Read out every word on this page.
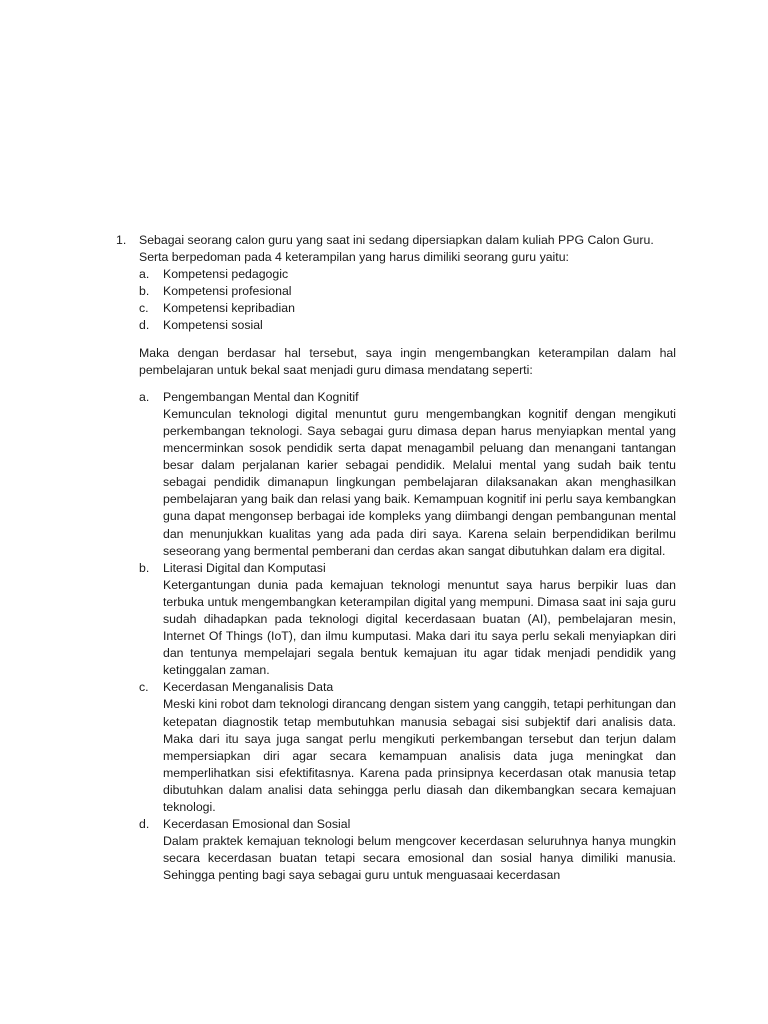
1.	Sebagai seorang calon guru yang saat ini sedang dipersiapkan dalam kuliah PPG Calon Guru. Serta berpedoman pada 4 keterampilan yang harus dimiliki seorang guru yaitu:

a.	Kompetensi pedagogic
b.	Kompetensi profesional
c.	Kompetensi kepribadian
d.	Kompetensi sosial

Maka dengan berdasar hal tersebut, saya ingin mengembangkan keterampilan dalam hal pembelajaran untuk bekal saat menjadi guru dimasa mendatang seperti:

a.	Pengembangan Mental dan Kognitif

Kemunculan teknologi digital menuntut guru mengembangkan kognitif dengan mengikuti perkembangan teknologi. Saya sebagai guru dimasa depan harus menyiapkan mental yang mencerminkan sosok pendidik serta dapat menagambil peluang dan menangani tantangan besar dalam perjalanan karier sebagai pendidik. Melalui mental yang sudah baik tentu sebagai pendidik dimanapun lingkungan pembelajaran dilaksanakan akan menghasilkan pembelajaran yang baik dan relasi yang baik. Kemampuan kognitif ini perlu saya kembangkan guna dapat mengonsep berbagai ide kompleks yang diimbangi dengan pembangunan mental dan menunjukkan kualitas yang ada pada diri saya. Karena selain berpendidikan berilmu seseorang yang bermental pemberani dan cerdas akan sangat dibutuhkan dalam era digital.

b.	Literasi Digital dan Komputasi

Ketergantungan dunia pada kemajuan teknologi menuntut saya harus berpikir luas dan terbuka untuk mengembangkan keterampilan digital yang mempuni. Dimasa saat ini saja guru sudah dihadapkan pada teknologi digital kecerdasaan buatan (AI), pembelajaran mesin, Internet Of Things (IoT), dan ilmu kumputasi. Maka dari itu saya perlu sekali menyiapkan diri dan tentunya mempelajari segala bentuk kemajuan itu agar tidak menjadi pendidik yang ketinggalan zaman.

c.	Kecerdasan Menganalisis Data

Meski kini robot dam teknologi dirancang dengan sistem yang canggih, tetapi perhitungan dan ketepatan diagnostik tetap membutuhkan manusia sebagai sisi subjektif dari analisis data. Maka dari itu saya juga sangat perlu mengikuti perkembangan tersebut dan terjun dalam mempersiapkan diri agar secara kemampuan analisis data juga meningkat dan memperlihatkan sisi efektifitasnya. Karena pada prinsipnya kecerdasan otak manusia tetap dibutuhkan dalam analisi data sehingga perlu diasah dan dikembangkan secara kemajuan teknologi.

d.	Kecerdasan Emosional dan Sosial

Dalam praktek kemajuan teknologi belum mengcover kecerdasan seluruhnya hanya mungkin secara kecerdasan buatan tetapi secara emosional dan sosial hanya dimiliki manusia. Sehingga penting bagi saya sebagai guru untuk menguasaai kecerdasan
